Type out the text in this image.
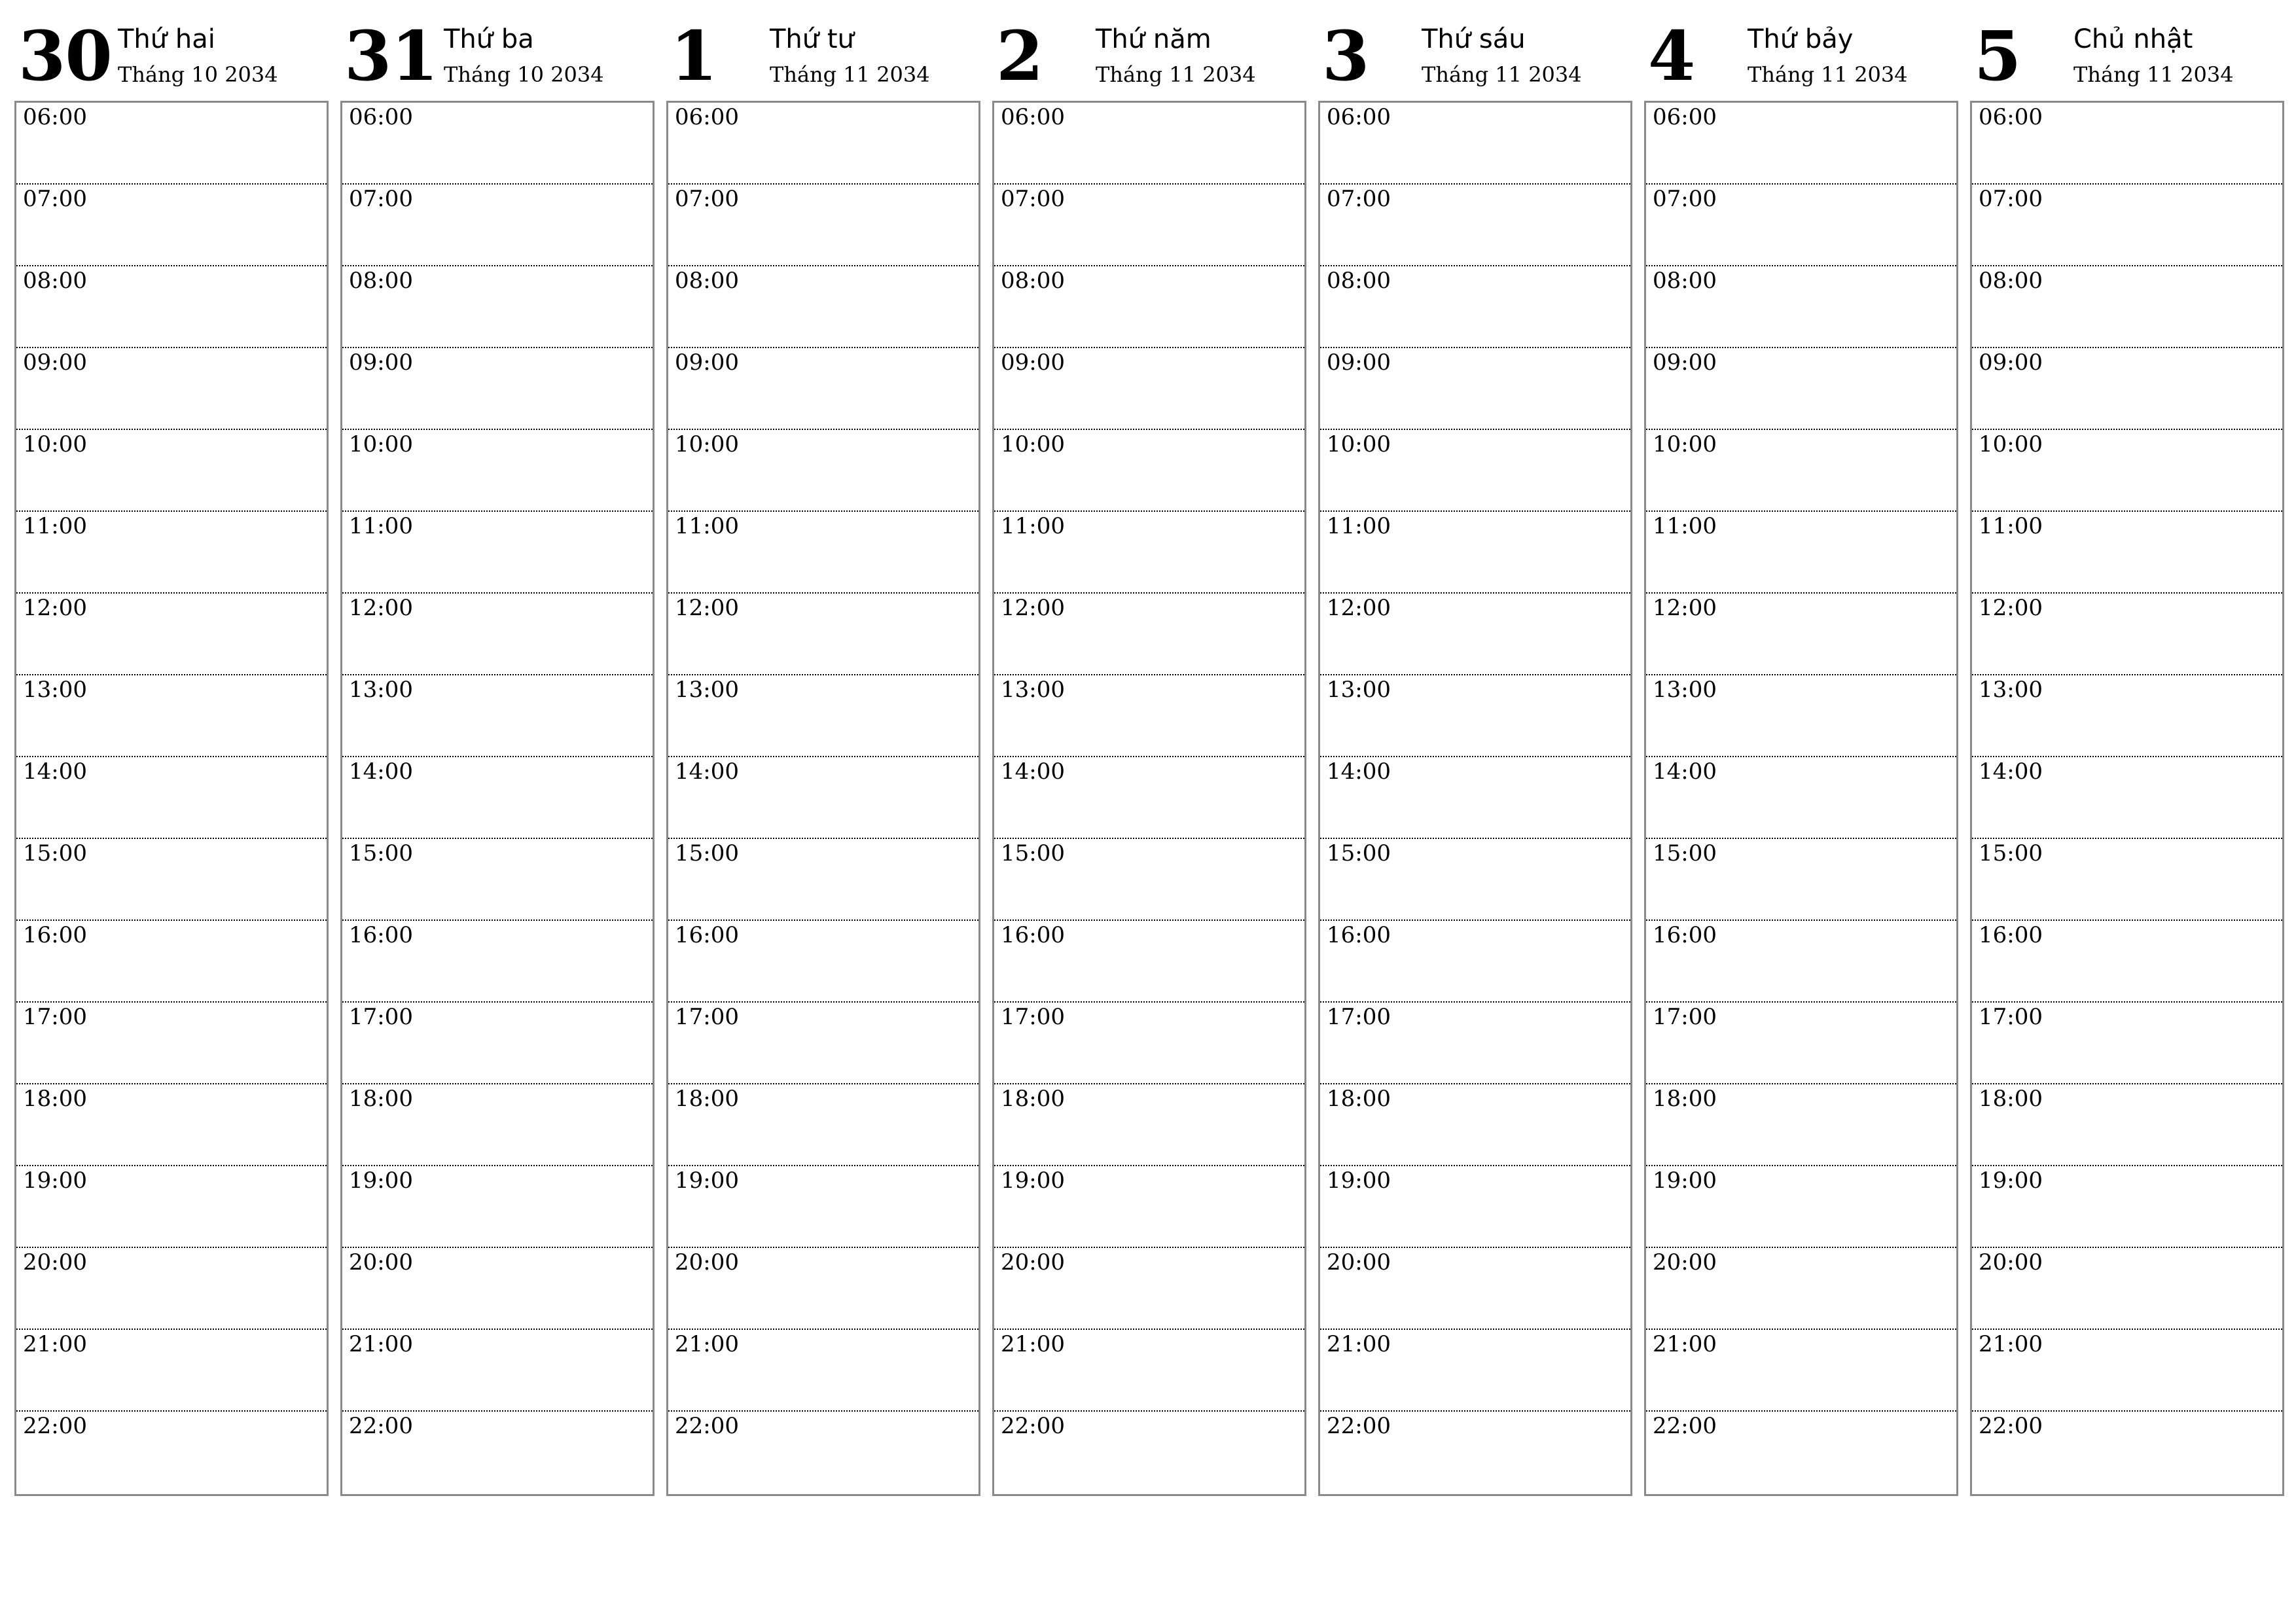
30 Thứ hai
Tháng 10 2034
06:00
07:00
08:00
09:00
10:00
11:00
12:00
13:00
14:00
15:00
16:00
17:00
18:00
19:00
20:00
21:00
22:00
31 Thứ ba
Tháng 10 2034
06:00
07:00
08:00
09:00
10:00
11:00
12:00
13:00
14:00
15:00
16:00
17:00
18:00
19:00
20:00
21:00
22:00
1 Thứ tư
Tháng 11 2034
06:00
07:00
08:00
09:00
10:00
11:00
12:00
13:00
14:00
15:00
16:00
17:00
18:00
19:00
20:00
21:00
22:00
2 Thứ năm
Tháng 11 2034
06:00
07:00
08:00
09:00
10:00
11:00
12:00
13:00
14:00
15:00
16:00
17:00
18:00
19:00
20:00
21:00
22:00
3 Thứ sáu
Tháng 11 2034
06:00
07:00
08:00
09:00
10:00
11:00
12:00
13:00
14:00
15:00
16:00
17:00
18:00
19:00
20:00
21:00
22:00
4 Thứ bảy
Tháng 11 2034
06:00
07:00
08:00
09:00
10:00
11:00
12:00
13:00
14:00
15:00
16:00
17:00
18:00
19:00
20:00
21:00
22:00
5 Chủ nhật
Tháng 11 2034
06:00
07:00
08:00
09:00
10:00
11:00
12:00
13:00
14:00
15:00
16:00
17:00
18:00
19:00
20:00
21:00
22:00
